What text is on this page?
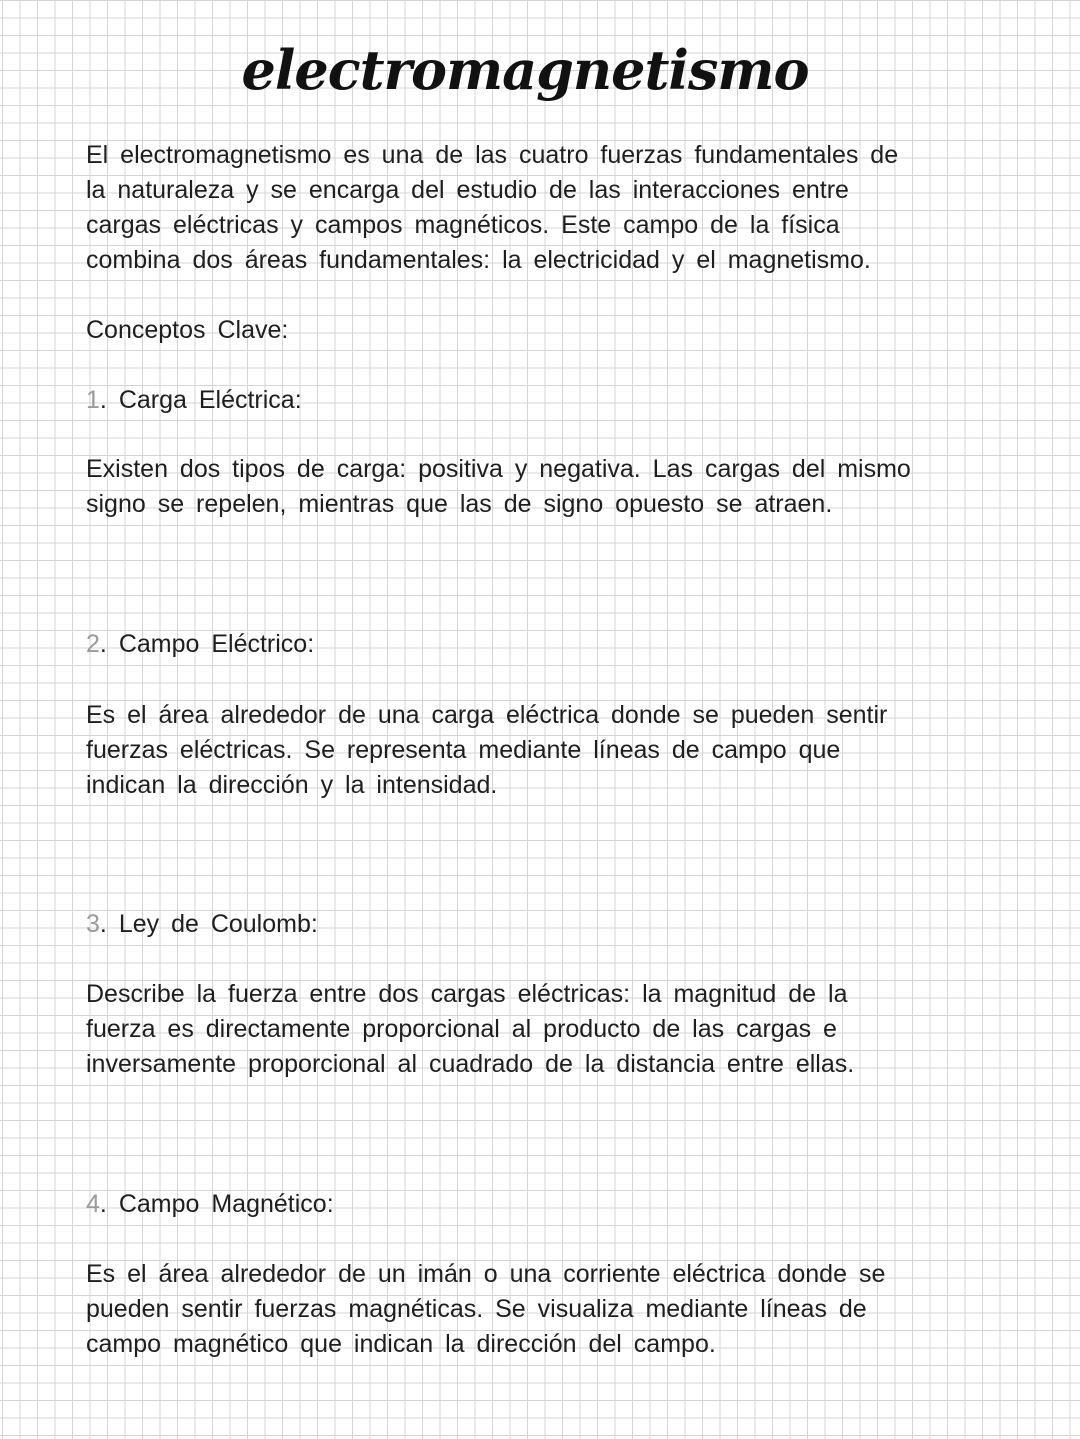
electromagnetismo

El electromagnetismo es una de las cuatro fuerzas fundamentales de
la naturaleza y se encarga del estudio de las interacciones entre
cargas eléctricas y campos magnéticos. Este campo de la física
combina dos áreas fundamentales: la electricidad y el magnetismo.

Conceptos Clave:

1. Carga Eléctrica:

Existen dos tipos de carga: positiva y negativa. Las cargas del mismo
signo se repelen, mientras que las de signo opuesto se atraen.

2. Campo Eléctrico:

Es el área alrededor de una carga eléctrica donde se pueden sentir
fuerzas eléctricas. Se representa mediante líneas de campo que
indican la dirección y la intensidad.

3. Ley de Coulomb:

Describe la fuerza entre dos cargas eléctricas: la magnitud de la
fuerza es directamente proporcional al producto de las cargas e
inversamente proporcional al cuadrado de la distancia entre ellas.

4. Campo Magnético:

Es el área alrededor de un imán o una corriente eléctrica donde se
pueden sentir fuerzas magnéticas. Se visualiza mediante líneas de
campo magnético que indican la dirección del campo.
